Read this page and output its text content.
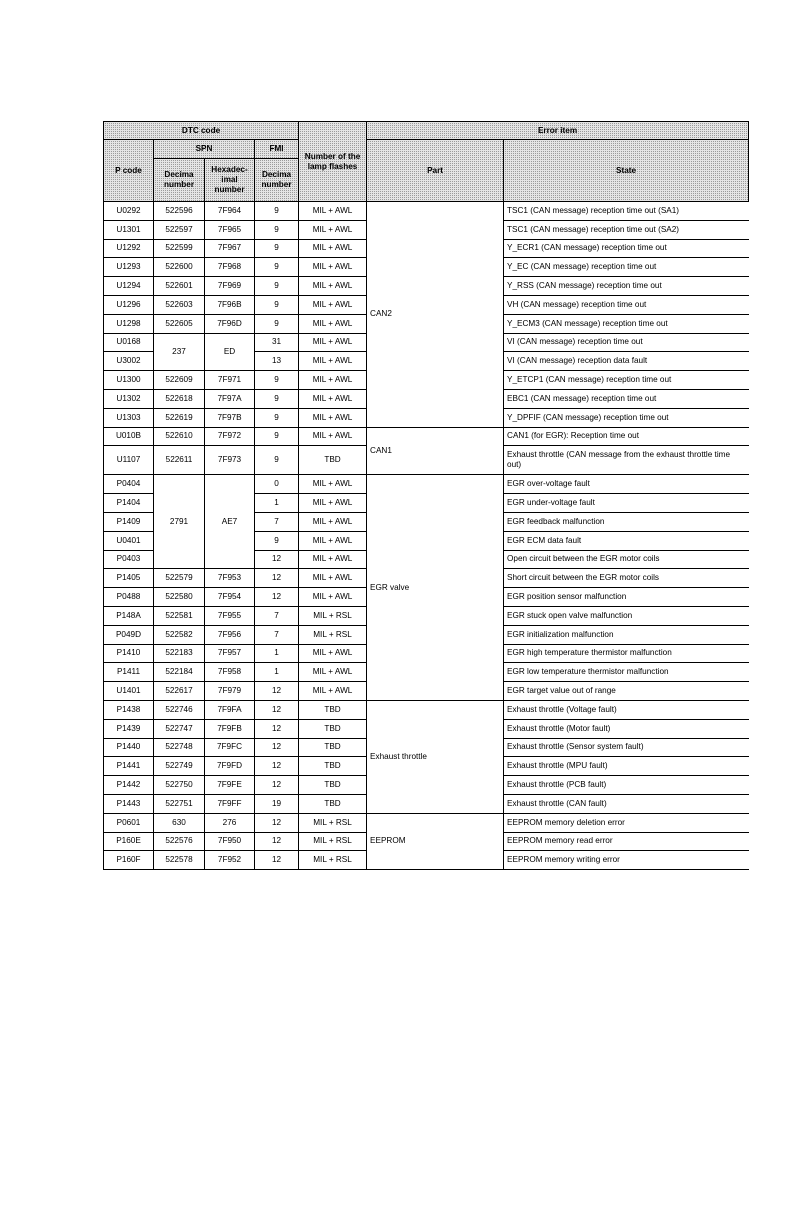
DTC code				Number of the lamp flashes	Error item	
P code	SPN		FMI		Part	State
	Decima number	Hexadec-imal number	Decima number			
U0292	522596	7F964	9	MIL + AWL	CAN2	TSC1 (CAN message) reception time out (SA1)
U1301	522597	7F965	9	MIL + AWL		TSC1 (CAN message) reception time out (SA2)
U1292	522599	7F967	9	MIL + AWL		Y_ECR1 (CAN message) reception time out
U1293	522600	7F968	9	MIL + AWL		Y_EC (CAN message) reception time out
U1294	522601	7F969	9	MIL + AWL		Y_RSS (CAN message) reception time out
U1296	522603	7F96B	9	MIL + AWL		VH (CAN message) reception time out
U1298	522605	7F96D	9	MIL + AWL		Y_ECM3 (CAN message) reception time out
U0168	237	ED	31	MIL + AWL		VI (CAN message) reception time out
U3002			13	MIL + AWL		VI (CAN message) reception data fault
U1300	522609	7F971	9	MIL + AWL		Y_ETCP1 (CAN message) reception time out
U1302	522618	7F97A	9	MIL + AWL		EBC1 (CAN message) reception time out
U1303	522619	7F97B	9	MIL + AWL		Y_DPFIF (CAN message) reception time out
U010B	522610	7F972	9	MIL + AWL	CAN1	CAN1 (for EGR): Reception time out
U1107	522611	7F973	9	TBD		Exhaust throttle (CAN message from the exhaust throttle time out)
P0404	2791	AE7	0	MIL + AWL	EGR valve	EGR over-voltage fault
P1404			1	MIL + AWL		EGR under-voltage fault
P1409			7	MIL + AWL		EGR feedback malfunction
U0401			9	MIL + AWL		EGR ECM data fault
P0403			12	MIL + AWL		Open circuit between the EGR motor coils
P1405	522579	7F953	12	MIL + AWL		Short circuit between the EGR motor coils
P0488	522580	7F954	12	MIL + AWL		EGR position sensor malfunction
P148A	522581	7F955	7	MIL + RSL		EGR stuck open valve malfunction
P049D	522582	7F956	7	MIL + RSL		EGR initialization malfunction
P1410	522183	7F957	1	MIL + AWL		EGR high temperature thermistor malfunction
P1411	522184	7F958	1	MIL + AWL		EGR low temperature thermistor malfunction
U1401	522617	7F979	12	MIL + AWL		EGR target value out of range
P1438	522746	7F9FA	12	TBD	Exhaust throttle	Exhaust throttle (Voltage fault)
P1439	522747	7F9FB	12	TBD		Exhaust throttle (Motor fault)
P1440	522748	7F9FC	12	TBD		Exhaust throttle (Sensor system fault)
P1441	522749	7F9FD	12	TBD		Exhaust throttle (MPU fault)
P1442	522750	7F9FE	12	TBD		Exhaust throttle (PCB fault)
P1443	522751	7F9FF	19	TBD		Exhaust throttle (CAN fault)
P0601	630	276	12	MIL + RSL	EEPROM	EEPROM memory deletion error
P160E	522576	7F950	12	MIL + RSL		EEPROM memory read error
P160F	522578	7F952	12	MIL + RSL		EEPROM memory writing error
